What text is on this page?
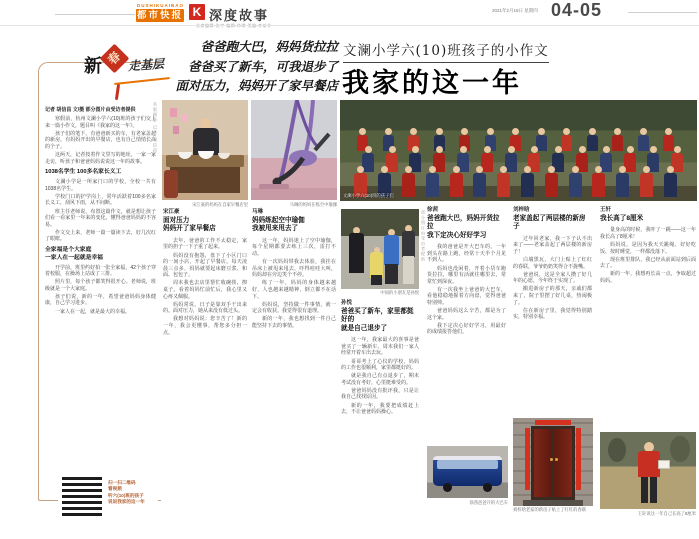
DUSHIKUAIBAO
都市快报 K 深度故事	2021年2月18日 星期四 04-05
新 春 走基层

记者 胡信昌 文/摄 部分图片由受访者提供

寒假前，杭州文澜小学六(10)班的孩子们交上来一篇小作文，题目叫《我家的这一年》。

孩子们的笔下，有爸爸新买的车，有老家盖起的新房，有妈妈开出的早餐店，也有自己悄悄长高的个子。

这两天，记者按着作文里写的地址，一家一家走访，听孩子和爸爸妈妈说说这一年的故事。

1038名学生 100多名家长义工

文澜小学是一所家门口的学校，全校一共有1038名学生。

学校门口的护学岗上，常年活跃着100多名家长义工，刮风下雨，从不间断。

班主任老师说，布置这篇作文，就是想让孩子们看一看家里一年来的变化，懂得爸爸妈妈的不容易。

作文交上来，老师一篇一篇读下去，好几次红了眼眶。

全家福是个大家庭

一家人在一起就是幸福

开学前，班里约好拍一张全家福，42个孩子穿着校服，在操场上站成了三排。

照片里，每个孩子都笑得很开心。老师说，班级就是一个大家庭。

孩子们说，新的一年，希望爸爸妈妈身体健康，自己学习进步。

一家人在一起，就是最大的幸福。

扫一扫二维码

看视频

听六(10)班的孩子

说说我家的这一年

爸爸跑大巴，妈妈货拉拉
爸爸买了新车，可我退步了
面对压力，妈妈开了家早餐店
文澜小学六(10)班孩子的小作文
我家的这一年
本版摄影 记者 胡信昌
宋江豪的妈妈在自家早餐店里	马琳的妈妈在练空中瑜伽
文澜小学六(10)班的孩子们

宋江豪

面对压力

妈妈开了家早餐店

去年，爸爸的工作不太稳定，家里的担子一下子重了起来。

妈妈没有抱怨，盘下了小区门口的一间小店，开起了早餐店。每天凌晨三点多，妈妈就要起床磨豆浆、和面、包包子。

周末我也去店里帮忙收碗筷、擦桌子。看着妈妈忙前忙后，我心里又心疼又佩服。

妈妈常说，日子是靠双手干出来的。面对压力，她从来没有低过头。

我想对妈妈说：您辛苦了！新的一年，我会更懂事，帮您多分担一点。

马琳

妈妈练起空中瑜伽

我被甩来甩去了

这一年，妈妈迷上了空中瑜伽，每个星期都要去练上三次，雷打不动。

有一次妈妈带我去体验，我挂在吊床上被甩来甩去，吓得哇哇大叫，妈妈却在旁边笑个不停。

练了一年，妈妈的身体越来越好，人也越来越精神，倒立都不在话下。

妈妈说，坚持做一件事情，就一定会有收获。我觉得很有道理。

新的一年，我也想找到一件自己能坚持下去的事情。

中间的小朋友是孙悦

孙悦

爸爸买了新车，家里都挺好的

就是自己退步了

这一年，我家最大的喜事是爸爸买了一辆新车。周末我们一家人经常开着车出去玩。

哥哥考上了心仪的学校，妈妈的工作也很顺利，家里都挺好的。

就是我自己有点退步了，期末考试没有考好，心里挺难受的。

爸爸妈妈没有批评我，只是让我自己找找原因。

新的一年，我要把成绩赶上去，不让爸爸妈妈操心。

部分图片由受访者提供 徐茜

爸爸跑大巴，妈妈开货拉拉

我下定决心好好学习

我的爸爸是开大巴车的，一年到头在路上跑，经常十天半个月见不到人。

妈妈也没闲着，开着小货车跑货拉拉，哪里有活就往哪里去，常常忙到深夜。

有一次我坐上爸爸的大巴车，看他稳稳地握着方向盘，觉得爸爸特别帅。

爸爸妈妈这么辛苦，都是为了这个家。

我下定决心好好学习，用最好的成绩报答他们。

徐茜爸爸开的大巴车

刘梓晗

老家盖起了两层楼的新房子

过年回老家，我一下子认不出来了——老家盖起了两层楼的新房子！

白墙黑瓦，大门上贴上了红红的春联，爷爷奶奶笑得合不拢嘴。

爸爸说，这是全家人攒了好几年的心愿，今年终于实现了。

搬进新房子的那天，亲戚们都来了，院子里摆了好几桌，热闹极了。

住在新房子里，我觉得特别踏实，特别幸福。

刘梓晗老家的新房子贴上了红红的春联

王轩

我长高了8厘米

量身高的时候，我吓了一跳——这一年我长高了8厘米！

妈妈说，是因为我天天跳绳、好好吃饭、按时睡觉，一样都没落下。

现在班里排队，我已经从前面站到后面去了。

新的一年，我想再长高一点，争取超过妈妈。

王轩说这一年自己长高了8厘米
